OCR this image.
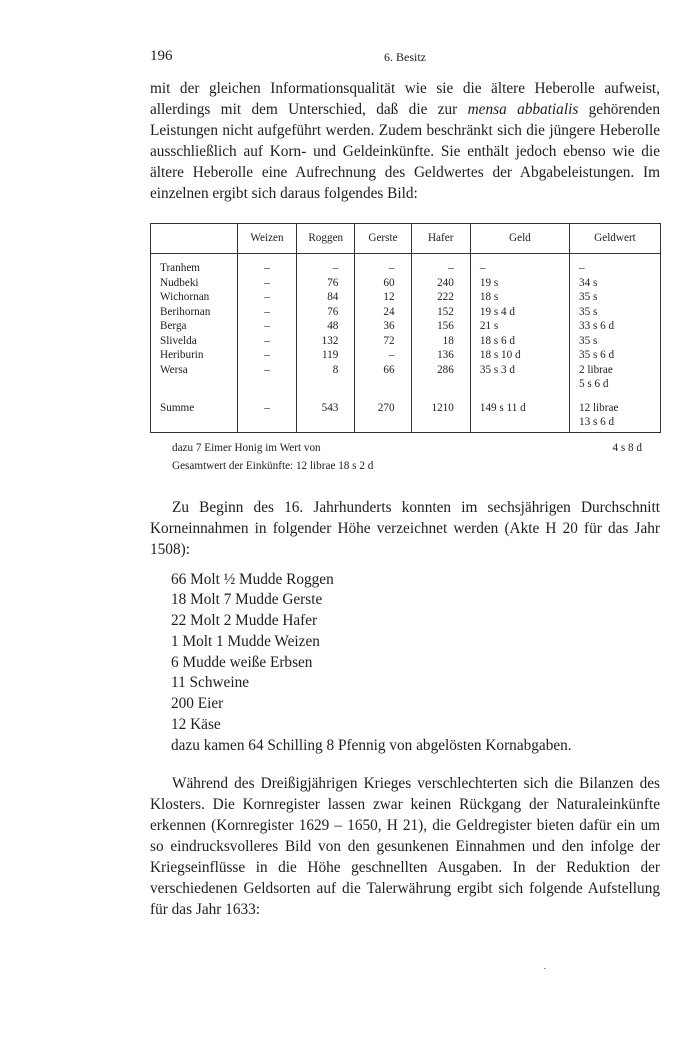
196	6. Besitz

mit der gleichen Informationsqualität wie sie die ältere Heberolle aufweist, allerdings mit dem Unterschied, daß die zur mensa abbatialis gehörenden Leistungen nicht aufgeführt werden. Zudem beschränkt sich die jüngere Heberolle ausschließlich auf Korn- und Geldeinkünfte. Sie enthält jedoch ebenso wie die ältere Heberolle eine Aufrechnung des Geldwertes der Abgabeleistungen. Im einzelnen ergibt sich daraus folgendes Bild:

	Weizen	Roggen	Gerste	Hafer	Geld	Geldwert
Tranhem	–	–	–	–	–	–
Nudbeki	–	76	60	240	19 s	34 s
Wichornan	–	84	12	222	18 s	35 s
Berihornan	–	76	24	152	19 s 4 d	35 s
Berga	–	48	36	156	21 s	33 s 6 d
Slivelda	–	132	72	18	18 s 6 d	35 s
Heriburin	–	119	–	136	18 s 10 d	35 s 6 d
Wersa	–	8	66	286	35 s 3 d	2 librae
5 s 6 d
Summe	–	543	270	1210	149 s 11 d	12 librae
13 s 6 d
dazu 7 Eimer Honig im Wert von	4 s 8 d
Gesamtwert der Einkünfte: 12 librae 18 s 2 d

Zu Beginn des 16. Jahrhunderts konnten im sechsjährigen Durchschnitt Korneinnahmen in folgender Höhe verzeichnet werden (Akte H 20 für das Jahr 1508):

66 Molt ½ Mudde Roggen
18 Molt 7 Mudde Gerste
22 Molt 2 Mudde Hafer
1 Molt 1 Mudde Weizen
6 Mudde weiße Erbsen
11 Schweine
200 Eier
12 Käse
dazu kamen 64 Schilling 8 Pfennig von abgelösten Kornabgaben.

Während des Dreißigjährigen Krieges verschlechterten sich die Bilanzen des Klosters. Die Kornregister lassen zwar keinen Rückgang der Naturaleinkünfte erkennen (Kornregister 1629 – 1650, H 21), die Geldregister bieten dafür ein um so eindrucksvolleres Bild von den gesunkenen Einnahmen und den infolge der Kriegseinflüsse in die Höhe geschnellten Ausgaben. In der Reduktion der verschiedenen Geldsorten auf die Talerwährung ergibt sich folgende Aufstellung für das Jahr 1633:
